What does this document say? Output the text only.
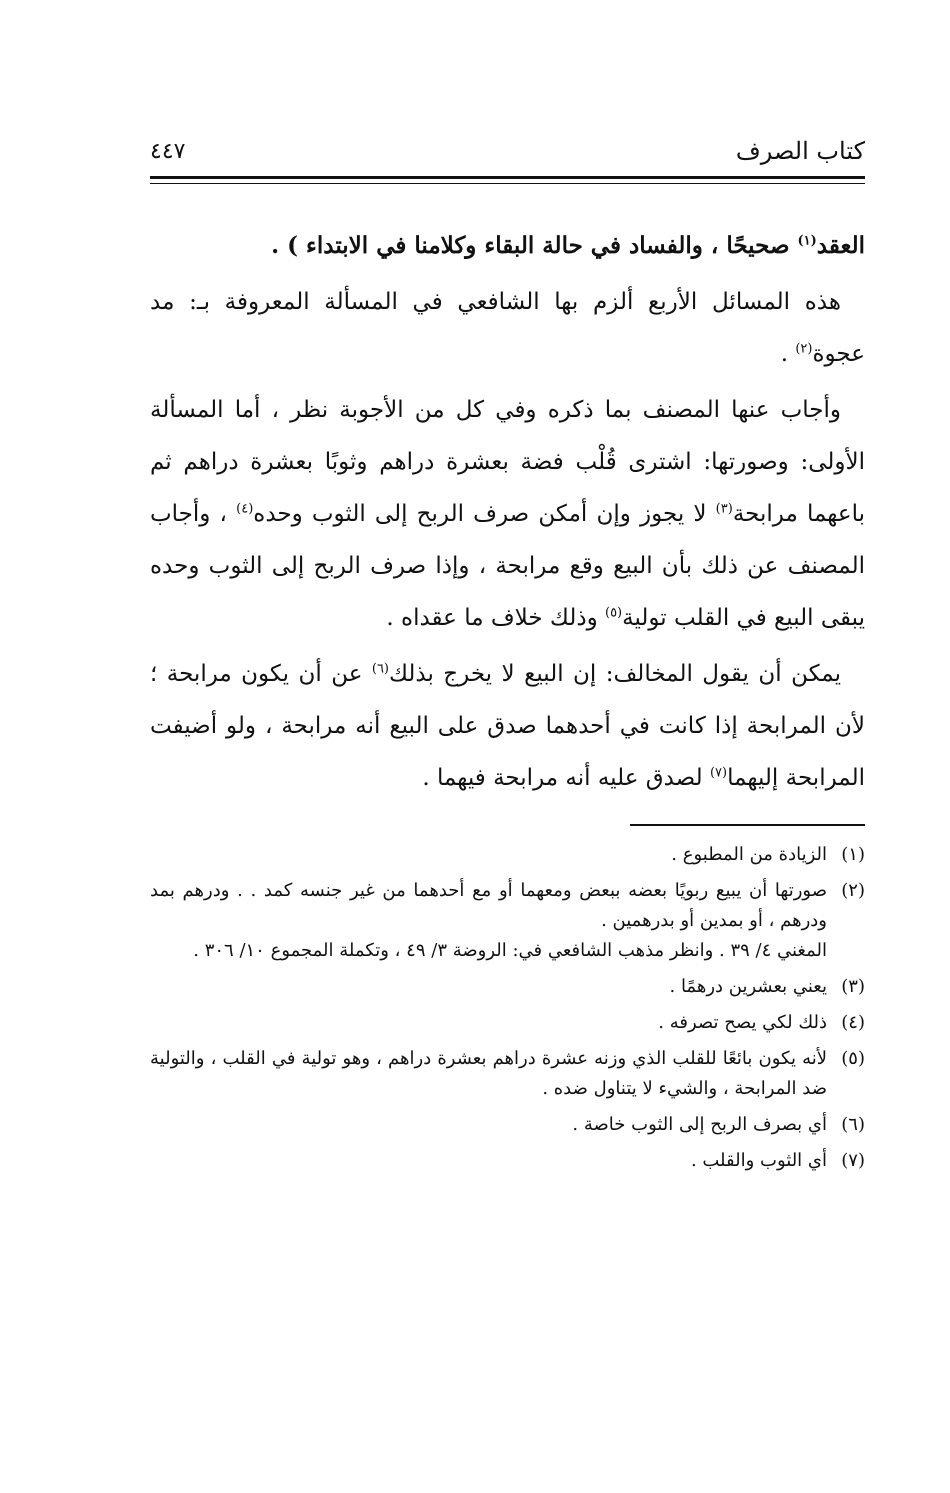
كتاب الصرف
٤٤٧

العقد$^{(١)}$ صحيحًا ، والفساد في حالة البقاء وكلامنا في الابتداء ) .

هذه المسائل الأربع ألزم بها الشافعي في المسألة المعروفة بـ: مد عجوة$^{(٢)}$ .

وأجاب عنها المصنف بما ذكره وفي كل من الأجوبة نظر ، أما المسألة الأولى: وصورتها: اشترى قُلْب فضة بعشرة دراهم وثوبًا بعشرة دراهم ثم باعهما مرابحة$^{(٣)}$ لا يجوز وإن أمكن صرف الربح إلى الثوب وحده$^{(٤)}$ ، وأجاب المصنف عن ذلك بأن البيع وقع مرابحة ، وإذا صرف الربح إلى الثوب وحده يبقى البيع في القلب تولية$^{(٥)}$ وذلك خلاف ما عقداه .

يمكن أن يقول المخالف: إن البيع لا يخرج بذلك$^{(٦)}$ عن أن يكون مرابحة ؛ لأن المرابحة إذا كانت في أحدهما صدق على البيع أنه مرابحة ، ولو أضيفت المرابحة إليهما$^{(٧)}$ لصدق عليه أنه مرابحة فيهما .

(١)
الزيادة من المطبوع .
(٢)
صورتها أن يبيع ربويًا بعضه ببعض ومعهما أو مع أحدهما من غير جنسه كمد . . ودرهم بمد ودرهم ، أو بمدين أو بدرهمين .
المغني ٤/ ٣٩ . وانظر مذهب الشافعي في: الروضة ٣/ ٤٩ ، وتكملة المجموع ١٠/ ٣٠٦ .
(٣)
يعني بعشرين درهمًا .
(٤)
ذلك لكي يصح تصرفه .
(٥)
لأنه يكون بائعًا للقلب الذي وزنه عشرة دراهم بعشرة دراهم ، وهو تولية في القلب ، والتولية ضد المرابحة ، والشيء لا يتناول ضده .
(٦)
أي بصرف الربح إلى الثوب خاصة .
(٧)
أي الثوب والقلب .
